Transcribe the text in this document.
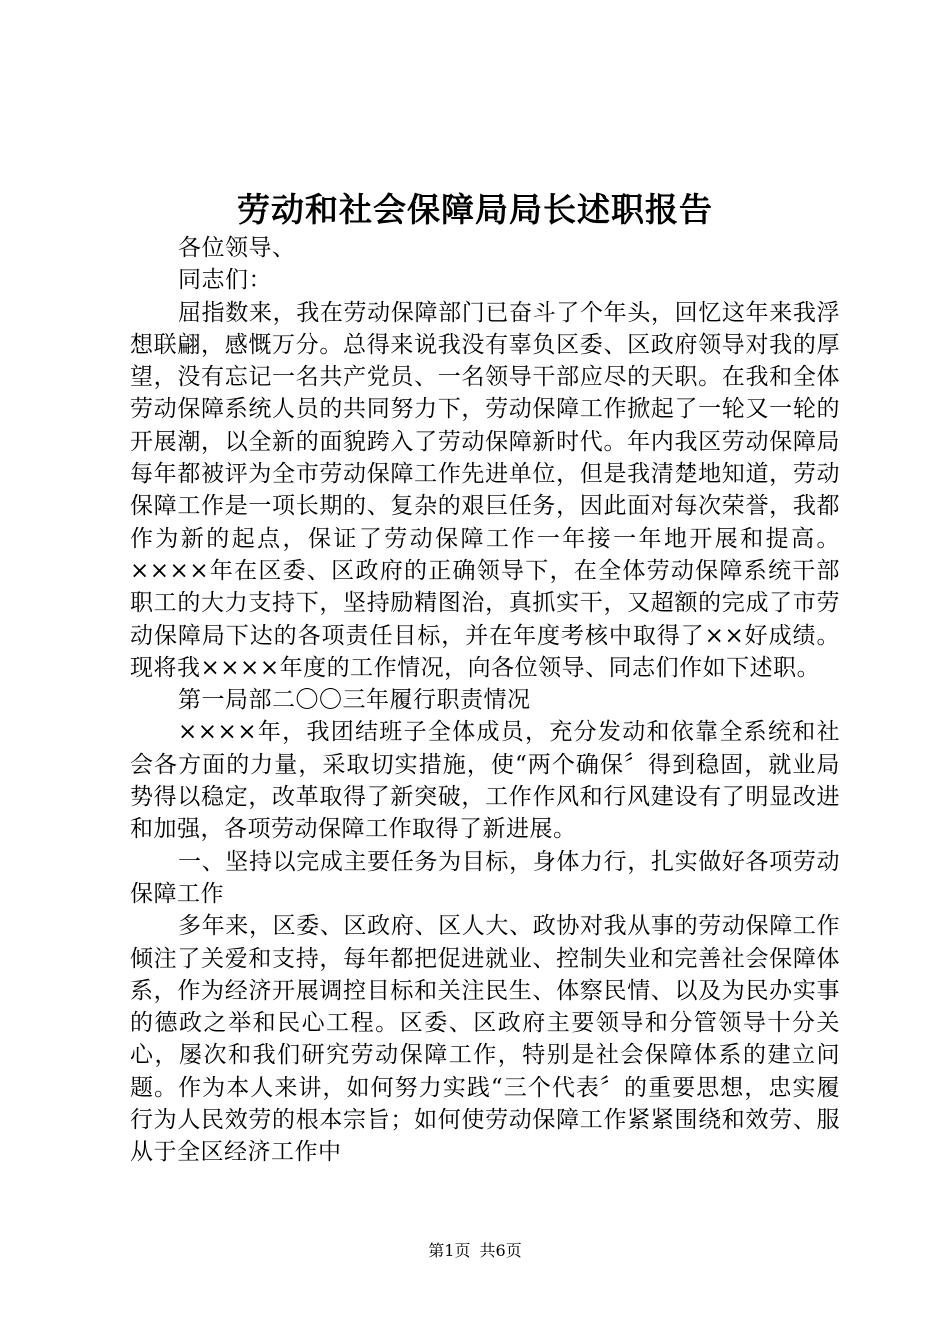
劳动和社会保障局局长述职报告

各位领导、

同志们：

屈指数来，我在劳动保障部门已奋斗了个年头，回忆这年来我浮想联翩，感慨万分。总得来说我没有辜负区委、区政府领导对我的厚望，没有忘记一名共产党员、一名领导干部应尽的天职。在我和全体劳动保障系统人员的共同努力下，劳动保障工作掀起了一轮又一轮的开展潮，以全新的面貌跨入了劳动保障新时代。年内我区劳动保障局每年都被评为全市劳动保障工作先进单位，但是我清楚地知道，劳动保障工作是一项长期的、复杂的艰巨任务，因此面对每次荣誉，我都作为新的起点，保证了劳动保障工作一年接一年地开展和提高。××××年在区委、区政府的正确领导下，在全体劳动保障系统干部职工的大力支持下，坚持励精图治，真抓实干，又超额的完成了市劳动保障局下达的各项责任目标，并在年度考核中取得了××好成绩。现将我××××年度的工作情况，向各位领导、同志们作如下述职。

第一局部二〇〇三年履行职责情况

××××年，我团结班子全体成员，充分发动和依靠全系统和社会各方面的力量，采取切实措施，使“两个确保〞得到稳固，就业局势得以稳定，改革取得了新突破，工作作风和行风建设有了明显改进和加强，各项劳动保障工作取得了新进展。

一、坚持以完成主要任务为目标，身体力行，扎实做好各项劳动保障工作

多年来，区委、区政府、区人大、政协对我从事的劳动保障工作倾注了关爱和支持，每年都把促进就业、控制失业和完善社会保障体系，作为经济开展调控目标和关注民生、体察民情、以及为民办实事的德政之举和民心工程。区委、区政府主要领导和分管领导十分关心，屡次和我们研究劳动保障工作，特别是社会保障体系的建立问题。作为本人来讲，如何努力实践“三个代表〞的重要思想，忠实履行为人民效劳的根本宗旨；如何使劳动保障工作紧紧围绕和效劳、服从于全区经济工作中

第1页 共6页
